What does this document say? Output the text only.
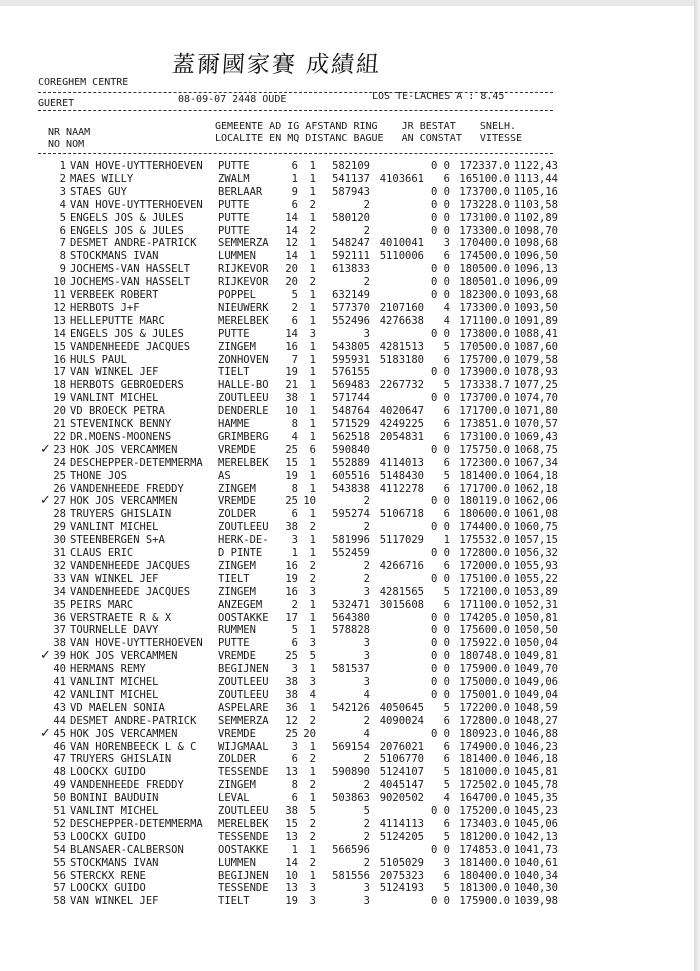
蓋爾國家賽 成績組
COREGHEM CENTRE
GUERET	08-09-07 2448 OUDE	LOS TE-LACHES A : 8.45
NR NAAM
NO NOM
GEMEENTE AD IG AFSTAND RING    JR BESTAT    SNELH.
LOCALITE EN MQ DISTANC BAGUE   AN CONSTAT   VITESSE
1 VAN HOVE-UYTTERHOEVEN	PUTTE	6	1	582109	0 0 172337.0 1122,43
2 MAES WILLY	ZWALM	1	1	541137 4103661	6 165100.0 1113,44
3 STAES GUY	BERLAAR	9	1	587943	0 0 173700.0 1105,16
4 VAN HOVE-UYTTERHOEVEN	PUTTE	6	2	2	0 0 173228.0 1103,58
5 ENGELS JOS & JULES	PUTTE	14	1	580120	0 0 173100.0 1102,89
6 ENGELS JOS & JULES	PUTTE	14	2	2	0 0 173300.0 1098,70
7 DESMET ANDRE-PATRICK	SEMMERZA	12	1	548247 4010041	3 170400.0 1098,68
8 STOCKMANS IVAN	LUMMEN	14	1	592111 5110006	6 174500.0 1096,50
9 JOCHEMS-VAN HASSELT	RIJKEVOR	20	1	613833	0 0 180500.0 1096,13
10 JOCHEMS-VAN HASSELT	RIJKEVOR	20	2	2	0 0 180501.0 1096,09
11 VERBEEK ROBERT	POPPEL	5	1	632149	0 0 182300.0 1093,68
12 HERBOTS J+F	NIEUWERK	2	1	577370 2107160	4 173300.0 1093,50
13 HELLEPUTTE MARC	MERELBEK	6	1	552496 4276638	4 171100.0 1091,89
14 ENGELS JOS & JULES	PUTTE	14	3	3	0 0 173800.0 1088,41
15 VANDENHEEDE JACQUES	ZINGEM	16	1	543805 4281513	5 170500.0 1087,60
16 HULS PAUL	ZONHOVEN	7	1	595931 5183180	6 175700.0 1079,58
17 VAN WINKEL JEF	TIELT	19	1	576155	0 0 173900.0 1078,93
18 HERBOTS GEBROEDERS	HALLE-BO	21	1	569483 2267732	5 173338.7 1077,25
19 VANLINT MICHEL	ZOUTLEEU	38	1	571744	0 0 173700.0 1074,70
20 VD BROECK PETRA	DENDERLE	10	1	548764 4020647	6 171700.0 1071,80
21 STEVENINCK BENNY	HAMME	8	1	571529 4249225	6 173851.0 1070,57
22 DR.MOENS-MOONENS	GRIMBERG	4	1	562518 2054831	6 173100.0 1069,43
23 HOK JOS VERCAMMEN	VREMDE	25	6	590840	0 0 175750.0 1068,75
✓
24 DESCHEPPER-DETEMMERMA	MERELBEK	15	1	552889 4114013	6 172300.0 1067,34
25 THONE JOS	AS	19	1	605516 5148430	5 181400.0 1064,18
26 VANDENHEEDE FREDDY	ZINGEM	8	1	543838 4112278	6 171700.0 1062,18
27 HOK JOS VERCAMMEN	VREMDE	25 10	2	0 0 180119.0 1062,06
✓
28 TRUYERS GHISLAIN	ZOLDER	6	1	595274 5106718	6 180600.0 1061,08
29 VANLINT MICHEL	ZOUTLEEU	38	2	2	0 0 174400.0 1060,75
30 STEENBERGEN S+A	HERK-DE-	3	1	581996 5117029	1 175532.0 1057,15
31 CLAUS ERIC	D PINTE	1	1	552459	0 0 172800.0 1056,32
32 VANDENHEEDE JACQUES	ZINGEM	16	2	2 4266716	6 172000.0 1055,93
33 VAN WINKEL JEF	TIELT	19	2	2	0 0 175100.0 1055,22
34 VANDENHEEDE JACQUES	ZINGEM	16	3	3 4281565	5 172100.0 1053,89
35 PEIRS MARC	ANZEGEM	2	1	532471 3015608	6 171100.0 1052,31
36 VERSTRAETE R & X	OOSTAKKE	17	1	564380	0 0 174205.0 1050,81
37 TOURNELLE DAVY	RUMMEN	5	1	578828	0 0 175600.0 1050,50
38 VAN HOVE-UYTTERHOEVEN	PUTTE	6	3	3	0 0 175922.0 1050,04
39 HOK JOS VERCAMMEN	VREMDE	25	5	3	0 0 180748.0 1049,81
✓
40 HERMANS REMY	BEGIJNEN	3	1	581537	0 0 175900.0 1049,70
41 VANLINT MICHEL	ZOUTLEEU	38	3	3	0 0 175000.0 1049,06
42 VANLINT MICHEL	ZOUTLEEU	38	4	4	0 0 175001.0 1049,04
43 VD MAELEN SONIA	ASPELARE	36	1	542126 4050645	5 172200.0 1048,59
44 DESMET ANDRE-PATRICK	SEMMERZA	12	2	2 4090024	6 172800.0 1048,27
45 HOK JOS VERCAMMEN	VREMDE	25 20	4	0 0 180923.0 1046,88
✓
46 VAN HORENBEECK L & C	WIJGMAAL	3	1	569154 2076021	6 174900.0 1046,23
47 TRUYERS GHISLAIN	ZOLDER	6	2	2 5106770	6 181400.0 1046,18
48 LOOCKX GUIDO	TESSENDE	13	1	590890 5124107	5 181000.0 1045,81
49 VANDENHEEDE FREDDY	ZINGEM	8	2	2 4045147	5 172502.0 1045,78
50 BONINI BAUDUIN	LEVAL	6	1	503863 9020502	4 164700.0 1045,35
51 VANLINT MICHEL	ZOUTLEEU	38	5	5	0 0 175200.0 1045,23
52 DESCHEPPER-DETEMMERMA	MERELBEK	15	2	2 4114113	6 173403.0 1045,06
53 LOOCKX GUIDO	TESSENDE	13	2	2 5124205	5 181200.0 1042,13
54 BLANSAER-CALBERSON	OOSTAKKE	1	1	566596	0 0 174853.0 1041,73
55 STOCKMANS IVAN	LUMMEN	14	2	2 5105029	3 181400.0 1040,61
56 STERCKX RENE	BEGIJNEN	10	1	581556 2075323	6 180400.0 1040,34
57 LOOCKX GUIDO	TESSENDE	13	3	3 5124193	5 181300.0 1040,30
58 VAN WINKEL JEF	TIELT	19	3	3	0 0 175900.0 1039,98
